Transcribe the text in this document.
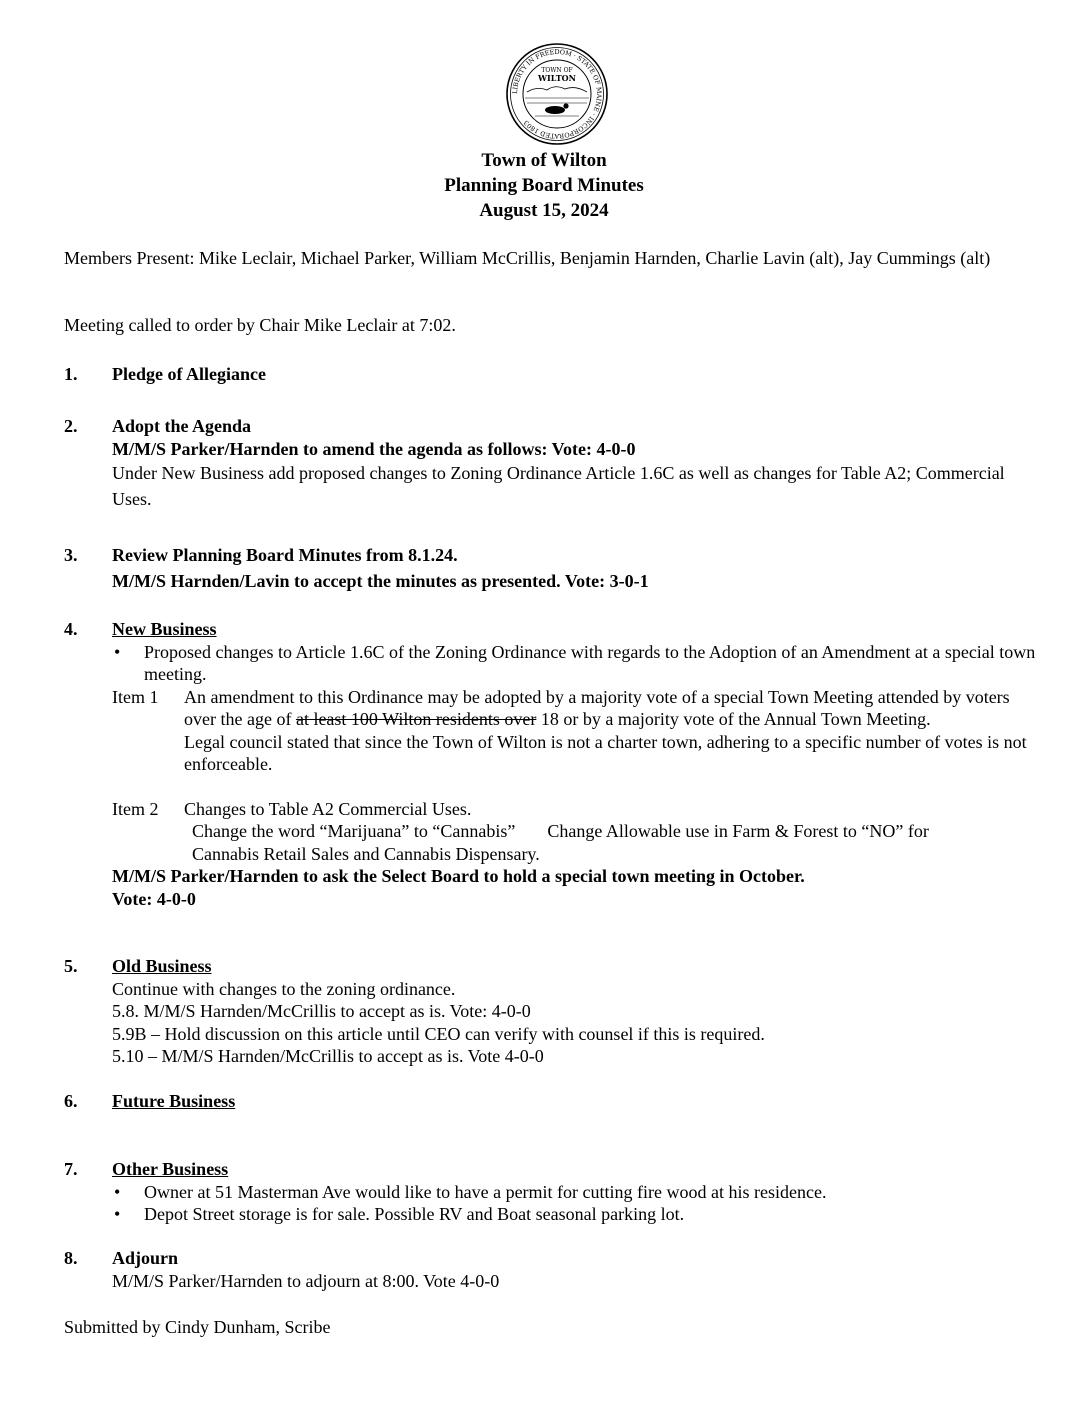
LIBERTY IN FREEDOM · STATE OF MAINE · INCORPORATED 1803
TOWN OF
WILTON
Town of Wilton
Planning Board Minutes
August 15, 2024
Members Present: Mike Leclair, Michael Parker, William McCrillis, Benjamin Harnden, Charlie Lavin (alt), Jay Cummings (alt)
Meeting called to order by Chair Mike Leclair at 7:02.
1. Pledge of Allegiance
2. Adopt the Agenda
M/M/S Parker/Harnden to amend the agenda as follows: Vote: 4-0-0
Under New Business add proposed changes to Zoning Ordinance Article 1.6C as well as changes for Table A2; Commercial Uses.
3. Review Planning Board Minutes from 8.1.24.
M/M/S Harnden/Lavin to accept the minutes as presented. Vote: 3-0-1
4. New Business
• Proposed changes to Article 1.6C of the Zoning Ordinance with regards to the Adoption of an Amendment at a special town meeting.
Item 1 An amendment to this Ordinance may be adopted by a majority vote of a special Town Meeting attended by voters over the age of at least 100 Wilton residents over 18 or by a majority vote of the Annual Town Meeting.
Legal council stated that since the Town of Wilton is not a charter town, adhering to a specific number of votes is not enforceable.
Item 2 Changes to Table A2 Commercial Uses.
Change the word “Marijuana” to “Cannabis” Change Allowable use in Farm & Forest to “NO” for
Cannabis Retail Sales and Cannabis Dispensary.
M/M/S Parker/Harnden to ask the Select Board to hold a special town meeting in October.
Vote: 4-0-0
5. Old Business
Continue with changes to the zoning ordinance.
5.8. M/M/S Harnden/McCrillis to accept as is. Vote: 4-0-0
5.9B – Hold discussion on this article until CEO can verify with counsel if this is required.
5.10 – M/M/S Harnden/McCrillis to accept as is. Vote 4-0-0
6. Future Business
7. Other Business
• Owner at 51 Masterman Ave would like to have a permit for cutting fire wood at his residence.
• Depot Street storage is for sale. Possible RV and Boat seasonal parking lot.
8. Adjourn
M/M/S Parker/Harnden to adjourn at 8:00. Vote 4-0-0
Submitted by Cindy Dunham, Scribe
